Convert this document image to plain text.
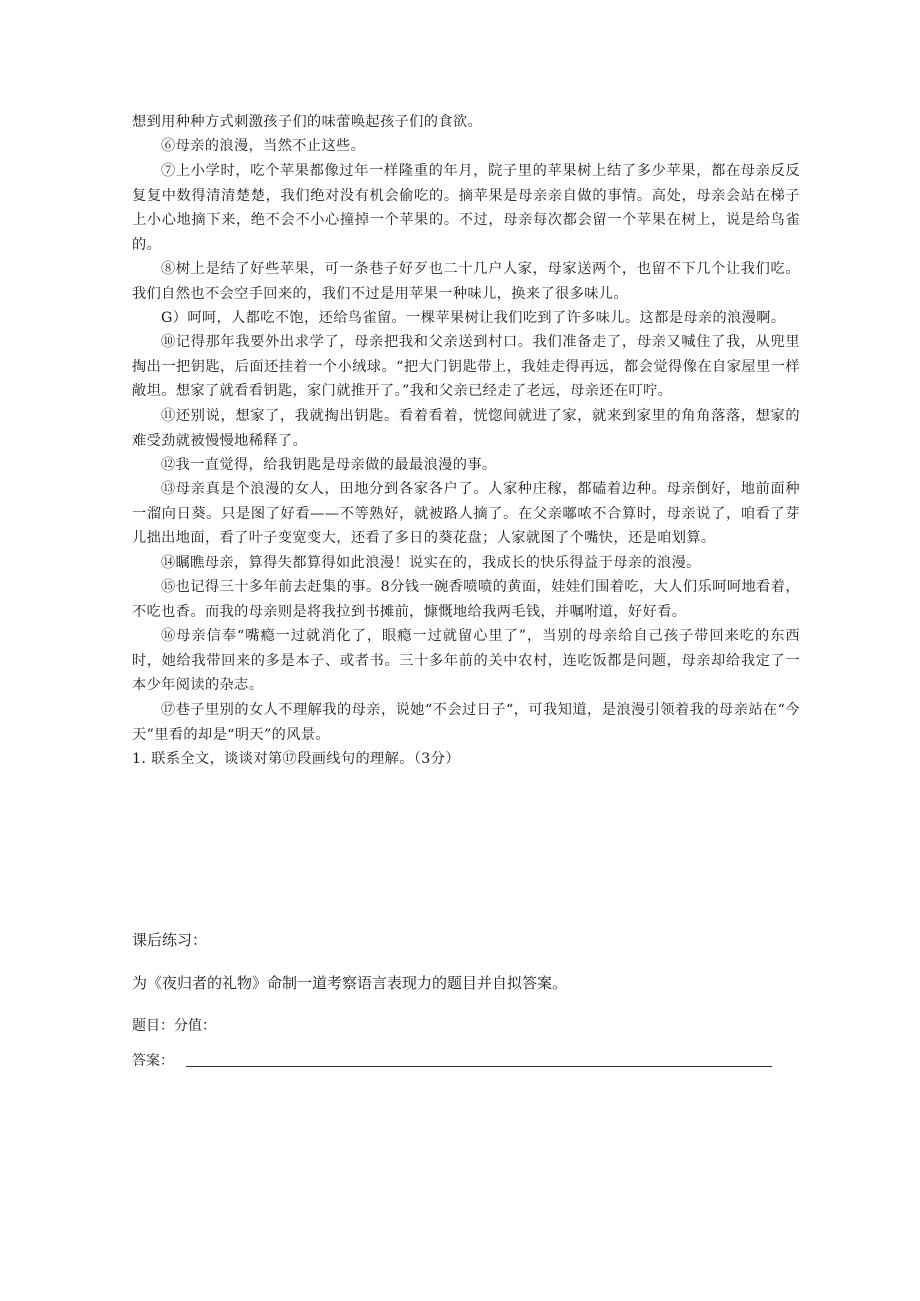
想到用种种方式刺激孩子们的味蕾唤起孩子们的食欲。

⑥母亲的浪漫，当然不止这些。

⑦上小学时，吃个苹果都像过年一样隆重的年月，院子里的苹果树上结了多少苹果，都在母亲反反复复中数得清清楚楚，我们绝对没有机会偷吃的。摘苹果是母亲亲自做的事情。高处，母亲会站在梯子上小心地摘下来，绝不会不小心撞掉一个苹果的。不过，母亲每次都会留一个苹果在树上，说是给鸟雀的。

⑧树上是结了好些苹果，可一条巷子好歹也二十几户人家，母家送两个，也留不下几个让我们吃。我们自然也不会空手回来的，我们不过是用苹果一种味儿，换来了很多味儿。

G）呵呵，人都吃不饱，还给鸟雀留。一棵苹果树让我们吃到了许多味儿。这都是母亲的浪漫啊。

⑩记得那年我要外出求学了，母亲把我和父亲送到村口。我们准备走了，母亲又喊住了我，从兜里掏出一把钥匙，后面还挂着一个小绒球。“把大门钥匙带上，我娃走得再远，都会觉得像在自家屋里一样敞坦。想家了就看看钥匙，家门就推开了。”我和父亲已经走了老远，母亲还在叮咛。

⑪还别说，想家了，我就掏出钥匙。看着看着，恍惚间就进了家，就来到家里的角角落落，想家的难受劲就被慢慢地稀释了。

⑫我一直觉得，给我钥匙是母亲做的最最浪漫的事。

⑬母亲真是个浪漫的女人，田地分到各家各户了。人家种庄稼，都磕着边种。母亲倒好，地前面种一溜向日葵。只是图了好看——不等熟好，就被路人摘了。在父亲嘟哝不合算时，母亲说了，咱看了芽儿拙出地面，看了叶子变宽变大，还看了多日的葵花盘；人家就图了个嘴快，还是咱划算。

⑭瞩瞧母亲，算得失都算得如此浪漫！说实在的，我成长的快乐得益于母亲的浪漫。

⑮也记得三十多年前去赶集的事。8分钱一碗香喷喷的黄面，娃娃们围着吃，大人们乐呵呵地看着，不吃也香。而我的母亲则是将我拉到书摊前，慷慨地给我两毛钱，并嘱咐道，好好看。

⑯母亲信奉“嘴瘾一过就消化了，眼瘾一过就留心里了”，当别的母亲给自己孩子带回来吃的东西时，她给我带回来的多是本子、或者书。三十多年前的关中农村，连吃饭都是问题，母亲却给我定了一本少年阅读的杂志。

⑰巷子里别的女人不理解我的母亲，说她“不会过日子“，可我知道，是浪漫引领着我的母亲站在“今天”里看的却是“明天”的风景。

1. 联系全文，谈谈对第⑰段画线句的理解。（3分）

课后练习：

为《夜归者的礼物》命制一道考察语言表现力的题目并自拟答案。

题目：分值：

答案：
